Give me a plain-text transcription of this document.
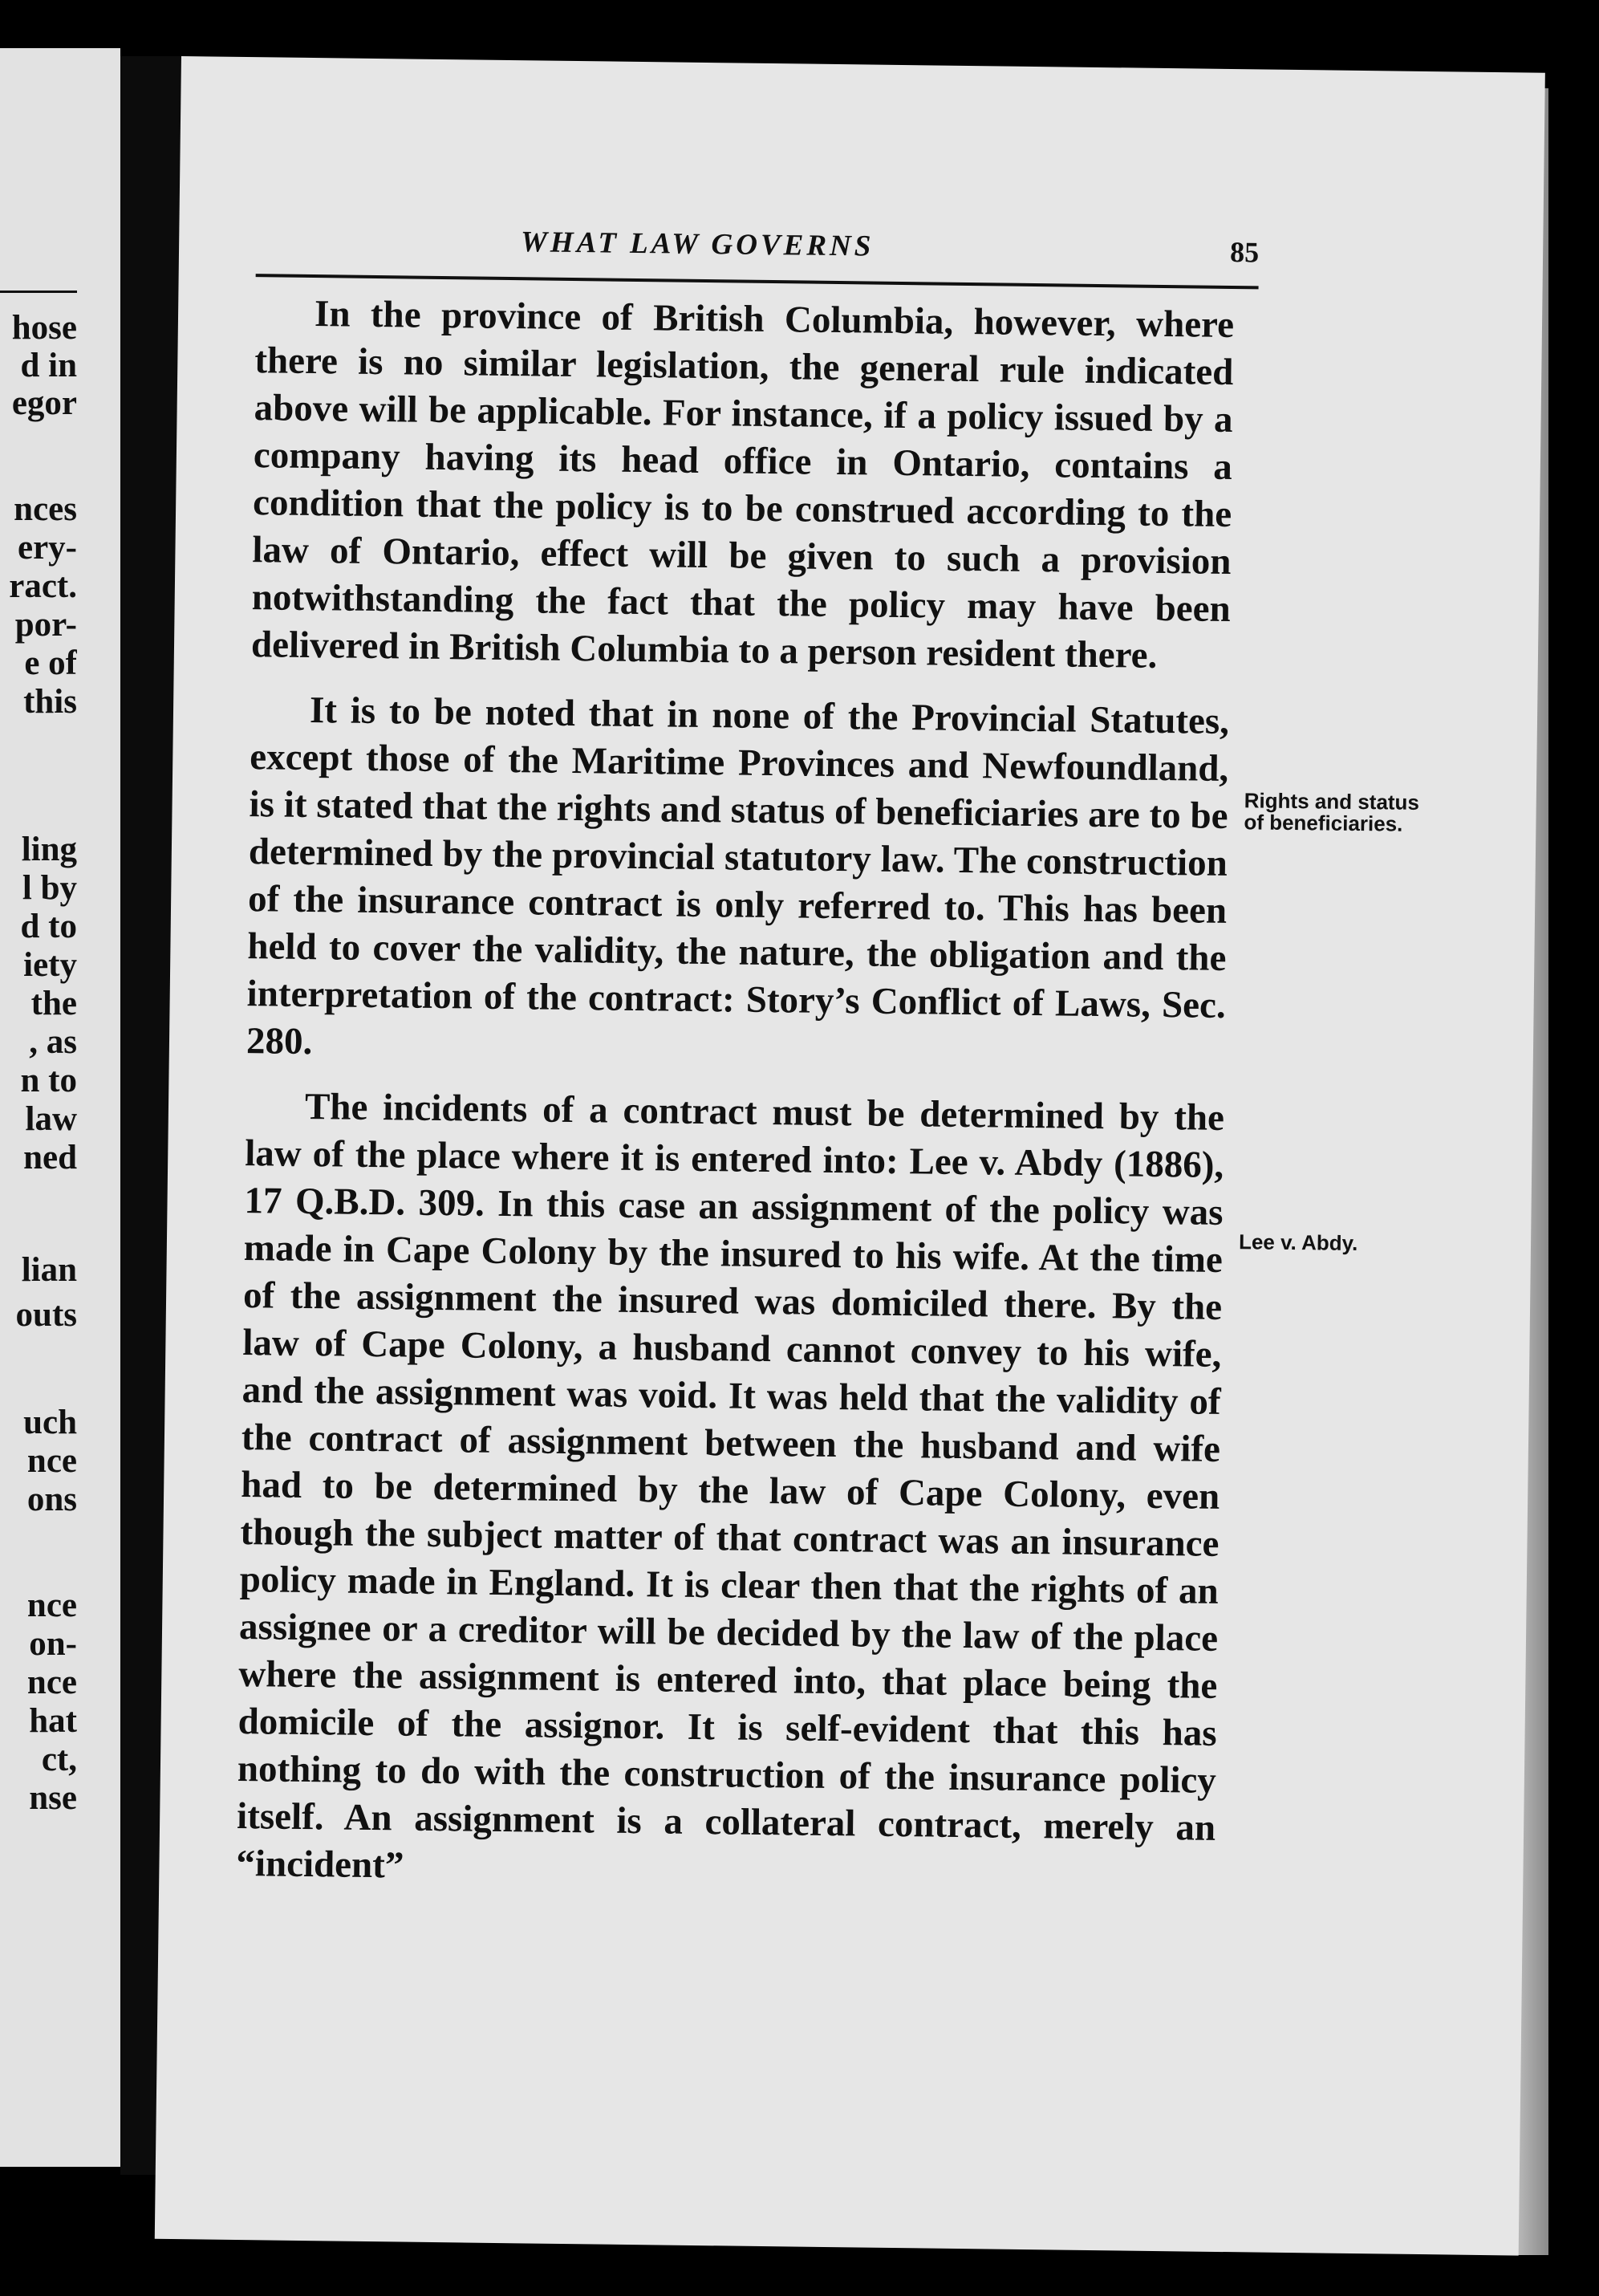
hose
d in
egor
nces
ery-
ract.
por-
e of
this
ling
l by
d to
iety
the
, as
n to
law
ned
lian
outs
uch
nce
ons
nce
on-
nce
hat
ct,
nse
WHAT LAW GOVERNS	85

In the province of British Columbia, however, where there is no similar legislation, the general rule indicated above will be applicable. For instance, if a policy issued by a company having its head office in Ontario, contains a condition that the policy is to be construed according to the law of Ontario, effect will be given to such a provision notwithstanding the fact that the policy may have been delivered in British Columbia to a person resident there.

It is to be noted that in none of the Provincial Statutes, except those of the Maritime Provinces and Newfoundland, is it stated that the rights and status of beneficiaries are to be determined by the provincial statutory law. The construction of the insurance contract is only referred to. This has been held to cover the validity, the nature, the obligation and the interpretation of the contract: Story’s Conflict of Laws, Sec. 280.

The incidents of a contract must be determined by the law of the place where it is entered into: Lee v. Abdy (1886), 17 Q.B.D. 309. In this case an assignment of the policy was made in Cape Colony by the insured to his wife. At the time of the assignment the insured was domiciled there. By the law of Cape Colony, a husband cannot convey to his wife, and the assignment was void. It was held that the validity of the contract of assignment between the husband and wife had to be determined by the law of Cape Colony, even though the subject matter of that contract was an insurance policy made in England. It is clear then that the rights of an assignee or a creditor will be decided by the law of the place where the assignment is entered into, that place being the domicile of the assignor. It is self-evident that this has nothing to do with the construction of the insurance policy itself. An assignment is a collateral contract, merely an “incident”

Rights and status of beneficiaries.
Lee v. Abdy.
